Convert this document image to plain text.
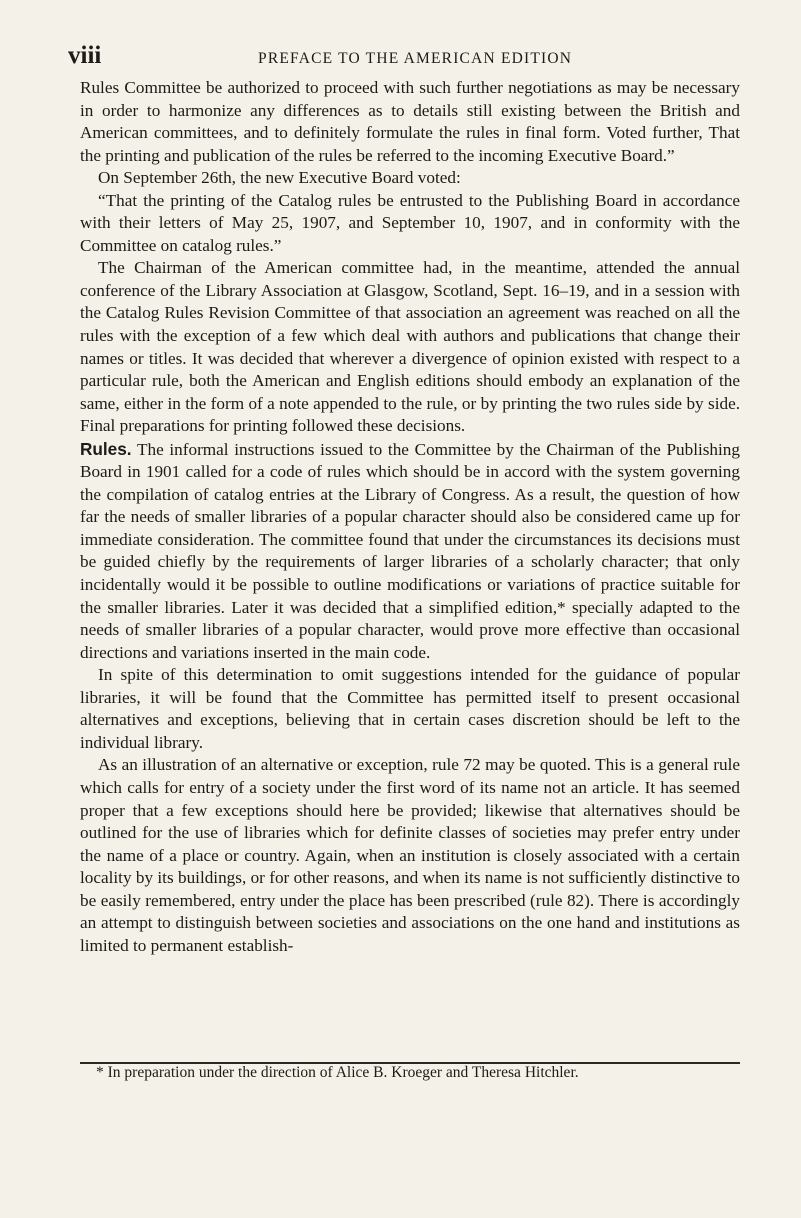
viii	PREFACE TO THE AMERICAN EDITION

Rules Committee be authorized to proceed with such further negotiations as may be necessary in order to harmonize any differences as to details still existing between the British and American committees, and to definitely formulate the rules in final form. Voted further, That the printing and publication of the rules be referred to the incoming Executive Board.”

On September 26th, the new Executive Board voted:

“That the printing of the Catalog rules be entrusted to the Publishing Board in accordance with their letters of May 25, 1907, and September 10, 1907, and in conformity with the Committee on catalog rules.”

The Chairman of the American committee had, in the meantime, attended the annual conference of the Library Association at Glasgow, Scotland, Sept. 16–19, and in a session with the Catalog Rules Revision Committee of that association an agreement was reached on all the rules with the exception of a few which deal with authors and publications that change their names or titles. It was decided that wherever a divergence of opinion existed with respect to a particular rule, both the American and English editions should embody an explanation of the same, either in the form of a note appended to the rule, or by printing the two rules side by side. Final preparations for printing followed these decisions.

Rules. The informal instructions issued to the Committee by the Chairman of the Publishing Board in 1901 called for a code of rules which should be in accord with the system governing the compilation of catalog entries at the Library of Congress. As a result, the question of how far the needs of smaller libraries of a popular character should also be considered came up for immediate consideration. The committee found that under the circumstances its decisions must be guided chiefly by the requirements of larger libraries of a scholarly character; that only incidentally would it be possible to outline modifications or variations of practice suitable for the smaller libraries. Later it was decided that a simplified edition,* specially adapted to the needs of smaller libraries of a popular character, would prove more effective than occasional directions and variations inserted in the main code.

In spite of this determination to omit suggestions intended for the guidance of popular libraries, it will be found that the Committee has permitted itself to present occasional alternatives and exceptions, believing that in certain cases discretion should be left to the individual library.

As an illustration of an alternative or exception, rule 72 may be quoted. This is a general rule which calls for entry of a society under the first word of its name not an article. It has seemed proper that a few exceptions should here be provided; likewise that alternatives should be outlined for the use of libraries which for definite classes of societies may prefer entry under the name of a place or country. Again, when an institution is closely associated with a certain locality by its buildings, or for other reasons, and when its name is not sufficiently distinctive to be easily remembered, entry under the place has been prescribed (rule 82). There is accordingly an attempt to distinguish between societies and associations on the one hand and institutions as limited to permanent establish-

* In preparation under the direction of Alice B. Kroeger and Theresa Hitchler.
